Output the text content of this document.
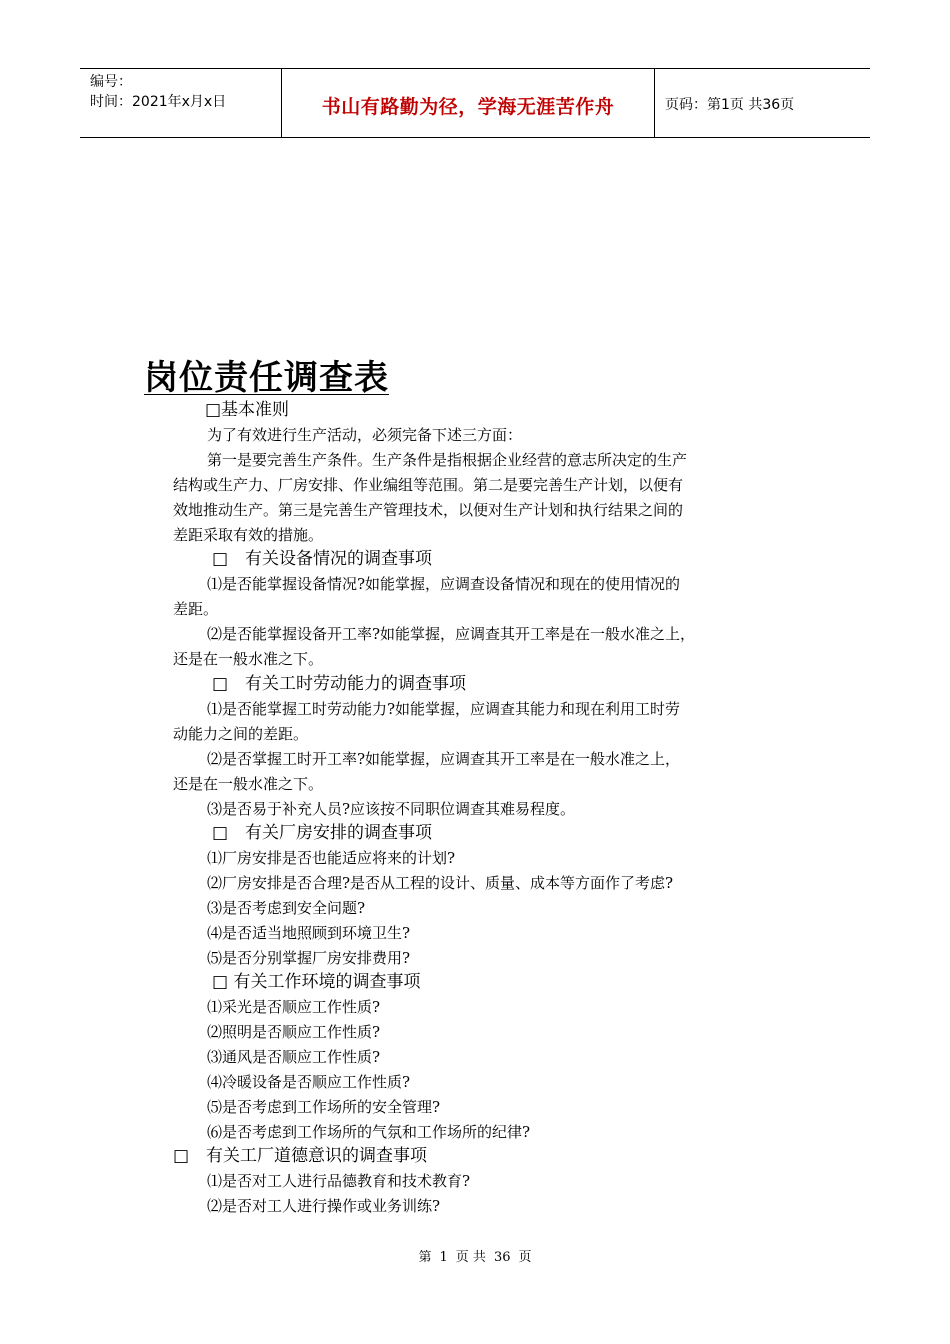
编号：
时间：2021年x月x日	书山有路勤为径，学海无涯苦作舟	页码：第1页 共36页
岗位责任调查表
□基本准则
为了有效进行生产活动，必须完备下述三方面：
第一是要完善生产条件。生产条件是指根据企业经营的意志所决定的生产
结构或生产力、厂房安排、作业编组等范围。第二是要完善生产计划，以便有
效地推动生产。第三是完善生产管理技术，以便对生产计划和执行结果之间的
差距采取有效的措施。
□　有关设备情况的调查事项
⑴是否能掌握设备情况?如能掌握，应调查设备情况和现在的使用情况的
差距。
⑵是否能掌握设备开工率?如能掌握，应调查其开工率是在一般水准之上，
还是在一般水准之下。
□　有关工时劳动能力的调查事项
⑴是否能掌握工时劳动能力?如能掌握，应调查其能力和现在利用工时劳
动能力之间的差距。
⑵是否掌握工时开工率?如能掌握，应调查其开工率是在一般水准之上，
还是在一般水准之下。
⑶是否易于补充人员?应该按不同职位调查其难易程度。
□　有关厂房安排的调查事项
⑴厂房安排是否也能适应将来的计划?
⑵厂房安排是否合理?是否从工程的设计、质量、成本等方面作了考虑?
⑶是否考虑到安全问题?
⑷是否适当地照顾到环境卫生?
⑸是否分别掌握厂房安排费用?
□ 有关工作环境的调查事项
⑴采光是否顺应工作性质?
⑵照明是否顺应工作性质?
⑶通风是否顺应工作性质?
⑷冷暖设备是否顺应工作性质?
⑸是否考虑到工作场所的安全管理?
⑹是否考虑到工作场所的气氛和工作场所的纪律?
□　有关工厂道德意识的调查事项
⑴是否对工人进行品德教育和技术教育?
⑵是否对工人进行操作或业务训练?
第 1 页 共 36 页
